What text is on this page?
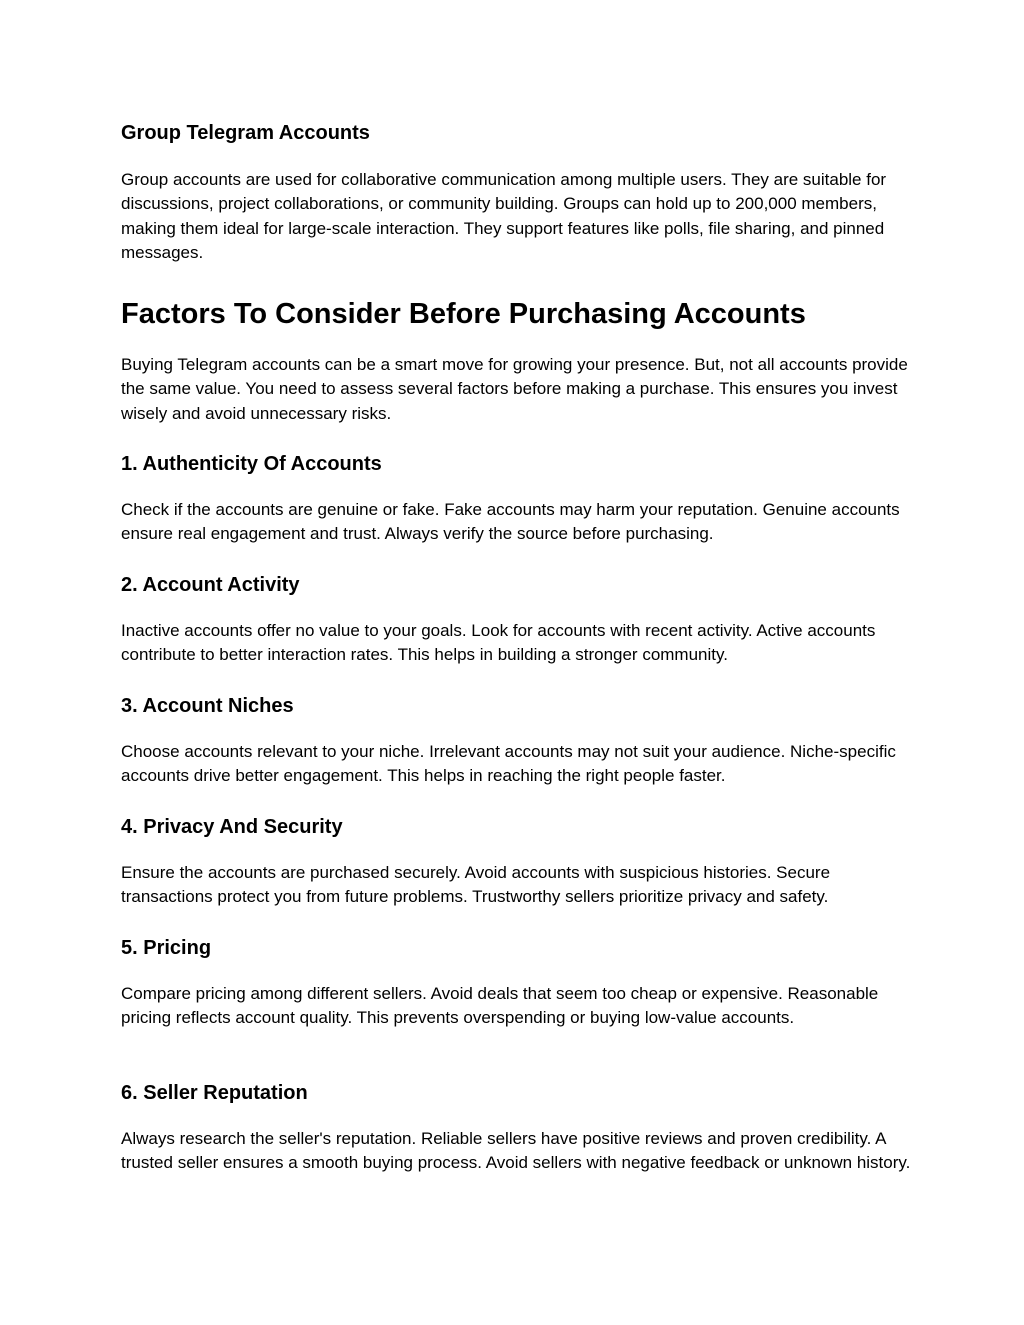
Group Telegram Accounts

Group accounts are used for collaborative communication among multiple users. They are suitable for discussions, project collaborations, or community building. Groups can hold up to 200,000 members, making them ideal for large-scale interaction. They support features like polls, file sharing, and pinned messages.

Factors To Consider Before Purchasing Accounts

Buying Telegram accounts can be a smart move for growing your presence. But, not all accounts provide the same value. You need to assess several factors before making a purchase. This ensures you invest wisely and avoid unnecessary risks.

1. Authenticity Of Accounts

Check if the accounts are genuine or fake. Fake accounts may harm your reputation. Genuine accounts ensure real engagement and trust. Always verify the source before purchasing.

2. Account Activity

Inactive accounts offer no value to your goals. Look for accounts with recent activity. Active accounts contribute to better interaction rates. This helps in building a stronger community.

3. Account Niches

Choose accounts relevant to your niche. Irrelevant accounts may not suit your audience. Niche-specific accounts drive better engagement. This helps in reaching the right people faster.

4. Privacy And Security

Ensure the accounts are purchased securely. Avoid accounts with suspicious histories. Secure transactions protect you from future problems. Trustworthy sellers prioritize privacy and safety.

5. Pricing

Compare pricing among different sellers. Avoid deals that seem too cheap or expensive. Reasonable pricing reflects account quality. This prevents overspending or buying low-value accounts.

6. Seller Reputation

Always research the seller's reputation. Reliable sellers have positive reviews and proven credibility. A trusted seller ensures a smooth buying process. Avoid sellers with negative feedback or unknown history.
